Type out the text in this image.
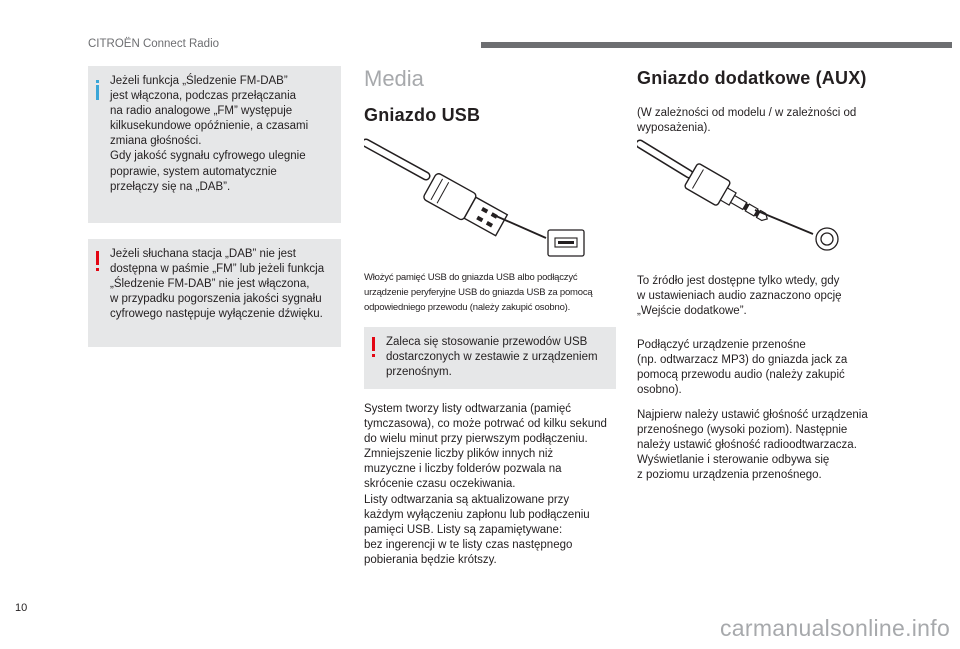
CITROËN Connect Radio
Jeżeli funkcja „Śledzenie FM-DAB”
jest włączona, podczas przełączania
na radio analogowe „FM” występuje
kilkusekundowe opóźnienie, a czasami
zmiana głośności.
Gdy jakość sygnału cyfrowego ulegnie
poprawie, system automatycznie
przełączy się na „DAB”.
Jeżeli słuchana stacja „DAB” nie jest
dostępna w paśmie „FM” lub jeżeli funkcja
„Śledzenie FM-DAB” nie jest włączona,
w przypadku pogorszenia jakości sygnału
cyfrowego następuje wyłączenie dźwięku.
Media
Gniazdo USB
Włożyć pamięć USB do gniazda USB albo podłączyć
urządzenie peryferyjne USB do gniazda USB za pomocą
odpowiedniego przewodu (należy zakupić osobno).
Zaleca się stosowanie przewodów USB
dostarczonych w zestawie z urządzeniem
przenośnym.
System tworzy listy odtwarzania (pamięć
tymczasowa), co może potrwać od kilku sekund
do wielu minut przy pierwszym podłączeniu.
Zmniejszenie liczby plików innych niż
muzyczne i liczby folderów pozwala na
skrócenie czasu oczekiwania.
Listy odtwarzania są aktualizowane przy
każdym wyłączeniu zapłonu lub podłączeniu
pamięci USB. Listy są zapamiętywane:
bez ingerencji w te listy czas następnego
pobierania będzie krótszy.
Gniazdo dodatkowe (AUX)
(W zależności od modelu / w zależności od
wyposażenia).
To źródło jest dostępne tylko wtedy, gdy
w ustawieniach audio zaznaczono opcję
„Wejście dodatkowe”.
Podłączyć urządzenie przenośne
(np. odtwarzacz MP3) do gniazda jack za
pomocą przewodu audio (należy zakupić
osobno).
Najpierw należy ustawić głośność urządzenia
przenośnego (wysoki poziom). Następnie
należy ustawić głośność radioodtwarzacza.
Wyświetlanie i sterowanie odbywa się
z poziomu urządzenia przenośnego.
10
carmanualsonline.info
